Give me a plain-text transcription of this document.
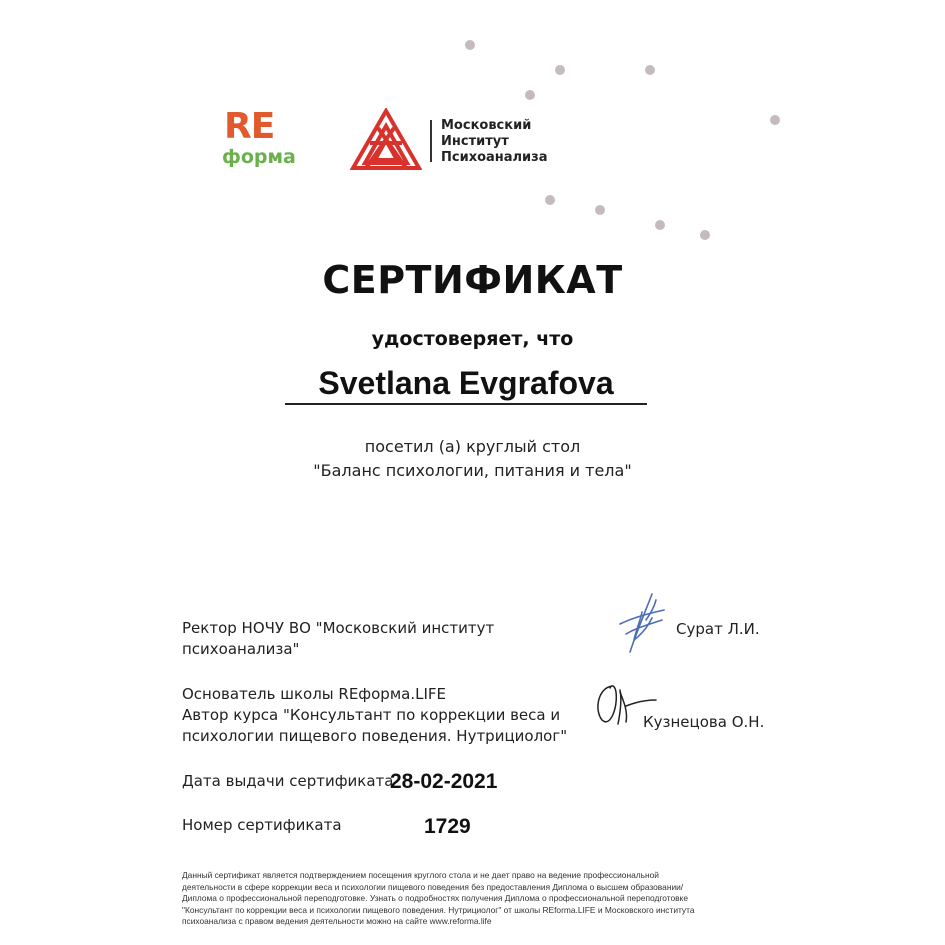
RE
форма
Московский
Институт
Психоанализа
СЕРТИФИКАТ
удостоверяет, что
Svetlana Evgrafova
посетил (а) круглый стол
"Баланс психологии, питания и тела"
Ректор НОЧУ ВО "Московский институт
психоанализа"
Сурат Л.И.
Основатель школы REформа.LIFE
Автор курса "Консультант по коррекции веса и
психологии пищевого поведения. Нутрициолог"
Кузнецова О.Н.
Дата выдачи сертификата
28-02-2021
Номер сертификата	1729
Данный сертификат является подтверждением посещения круглого стола и не дает право на ведение профессиональной
деятельности в сфере коррекции веса и психологии пищевого поведения без предоставления Диплома о высшем образовании/
Диплома о профессиональной переподготовке. Узнать о подробностях получения Диплома о профессиональной переподготовке
"Консультант по коррекции веса и психологии пищевого поведения. Нутрициолог" от школы REforma.LIFE и Московского института
психоанализа с правом ведения деятельности можно на сайте www.reforma.life
